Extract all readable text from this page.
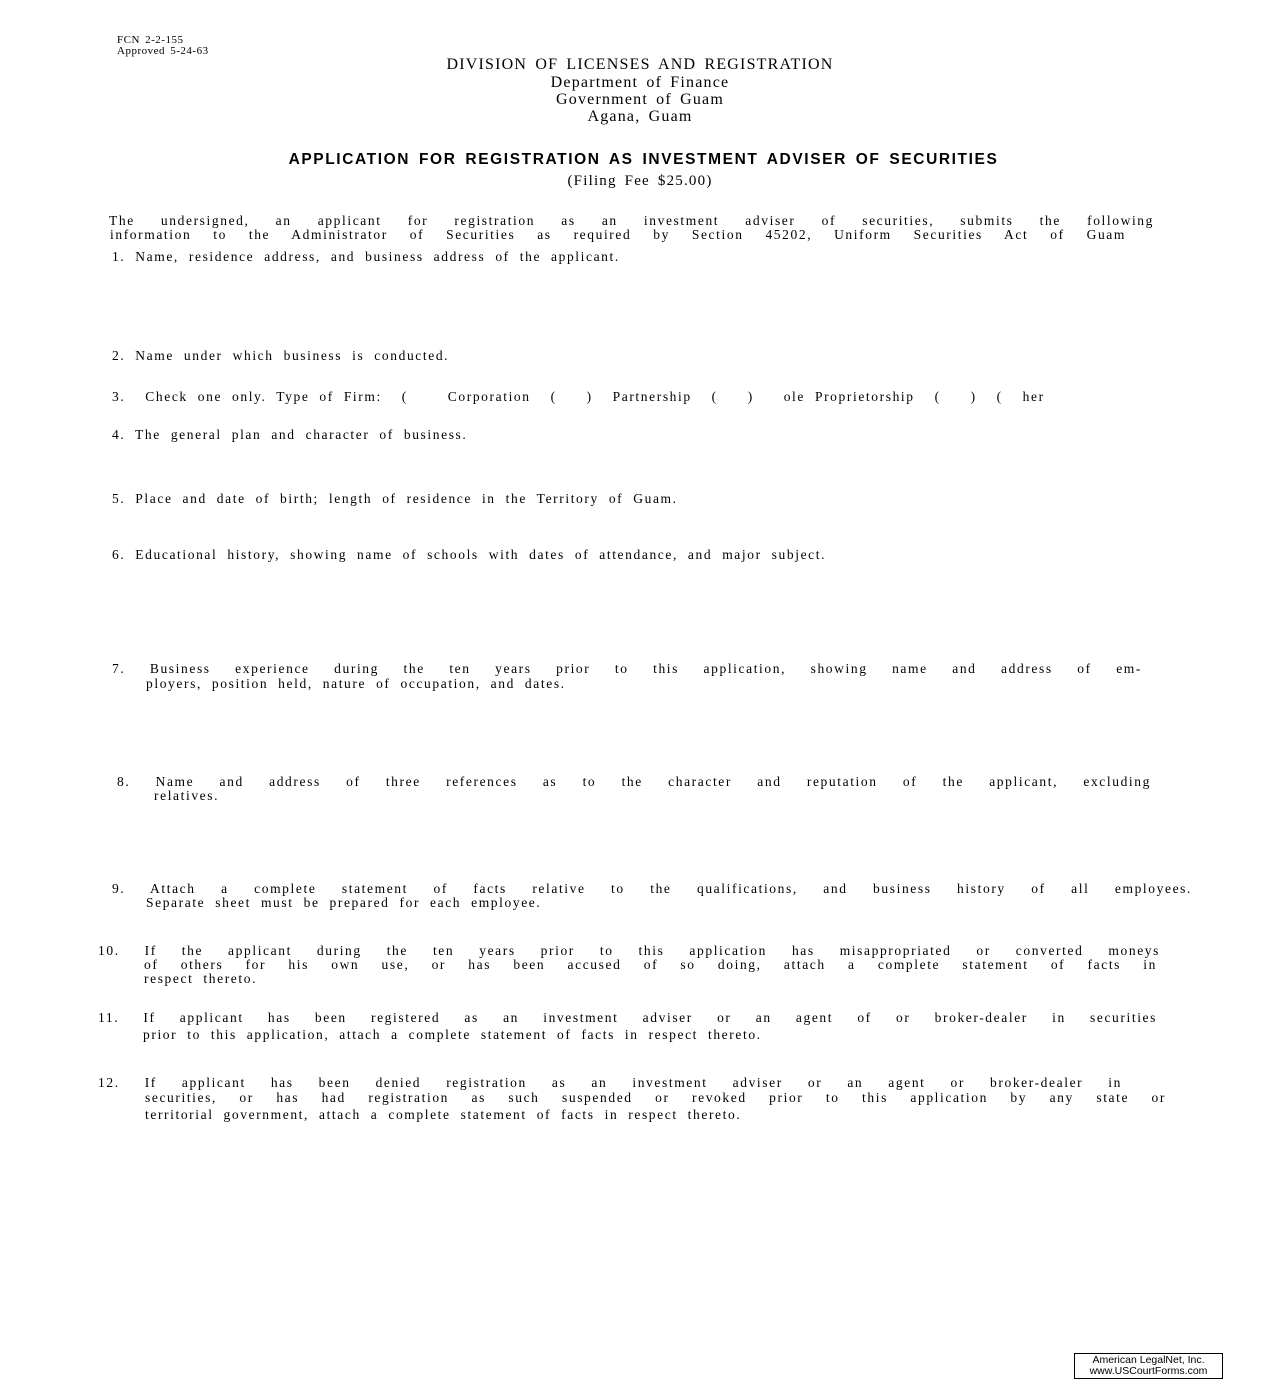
FCN 2-2-155
Approved 5-24-63
DIVISION OF LICENSES AND REGISTRATION
Department of Finance
Government of Guam
Agana, Guam
APPLICATION FOR REGISTRATION AS INVESTMENT ADVISER OF SECURITIES
(Filing Fee $25.00)
The undersigned, an applicant for registration as an investment adviser of securities, submits the following
information to the Administrator of Securities as required by Section 45202, Uniform Securities Act of Guam
1. Name, residence address, and business address of the applicant.
2. Name under which business is conducted.
3.  Check one only. Type of Firm:  (    Corporation  (   )  Partnership  (   )   ole Proprietorship  (   )  (  her
4. The general plan and character of business.
5. Place and date of birth; length of residence in the Territory of Guam.
6. Educational history, showing name of schools with dates of attendance, and major subject.
7. Business experience during the ten years prior to this application, showing name and address of em-
ployers, position held, nature of occupation, and dates.
8. Name and address of three references as to the character and reputation of the applicant, excluding
relatives.
9. Attach a complete statement of facts relative to the qualifications, and business history of all employees.
Separate sheet must be prepared for each employee.
10. If the applicant during the ten years prior to this application has misappropriated or converted moneys
of others for his own use, or has been accused of so doing, attach a complete statement of facts in
respect thereto.
11. If applicant has been registered as an investment adviser or an agent of or broker-dealer in securities
prior to this application, attach a complete statement of facts in respect thereto.
12. If applicant has been denied registration as an investment adviser or an agent or broker-dealer in
securities, or has had registration as such suspended or revoked prior to this application by any state or
territorial government, attach a complete statement of facts in respect thereto.
American LegalNet, Inc.
www.USCourtForms.com
